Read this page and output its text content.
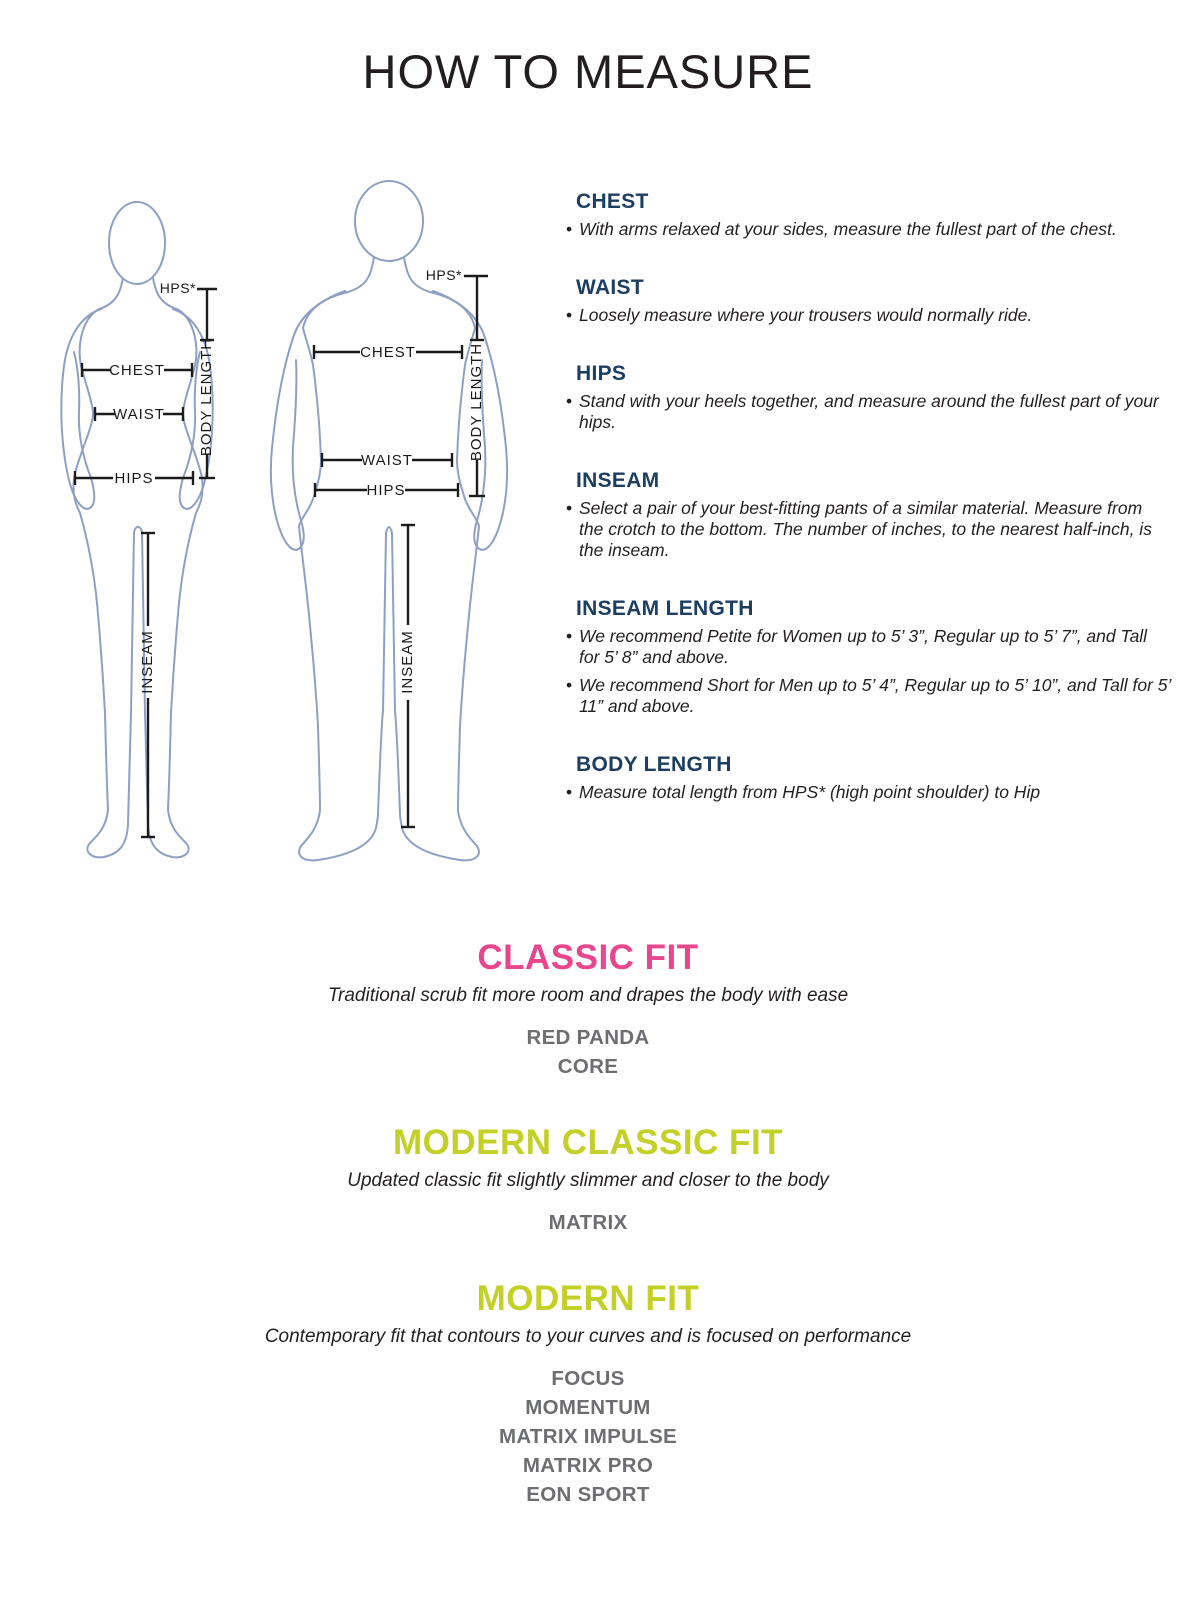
HOW TO MEASURE
HPS*
BODY LENGTH
CHEST
WAIST
HIPS
INSEAM
HPS*
BODY LENGTH
CHEST
WAIST
HIPS
INSEAM
CHEST

• With arms relaxed at your sides, measure the fullest part of the chest.

WAIST

• Loosely measure where your trousers would normally ride.

HIPS

• Stand with your heels together, and measure around the fullest part of your hips.

INSEAM

• Select a pair of your best-fitting pants of a similar material. Measure from the crotch to the bottom. The number of inches, to the nearest half-inch, is the inseam.

INSEAM LENGTH

• We recommend Petite for Women up to 5’ 3”, Regular up to 5’ 7”, and Tall for 5’ 8” and above.

• We recommend Short for Men up to 5’ 4”, Regular up to 5’ 10”, and Tall for 5’ 11” and above.

BODY LENGTH

• Measure total length from HPS* (high point shoulder) to Hip

CLASSIC FIT

Traditional scrub fit more room and drapes the body with ease

RED PANDA

CORE

MODERN CLASSIC FIT

Updated classic fit slightly slimmer and closer to the body

MATRIX

MODERN FIT

Contemporary fit that contours to your curves and is focused on performance

FOCUS

MOMENTUM

MATRIX IMPULSE

MATRIX PRO

EON SPORT
